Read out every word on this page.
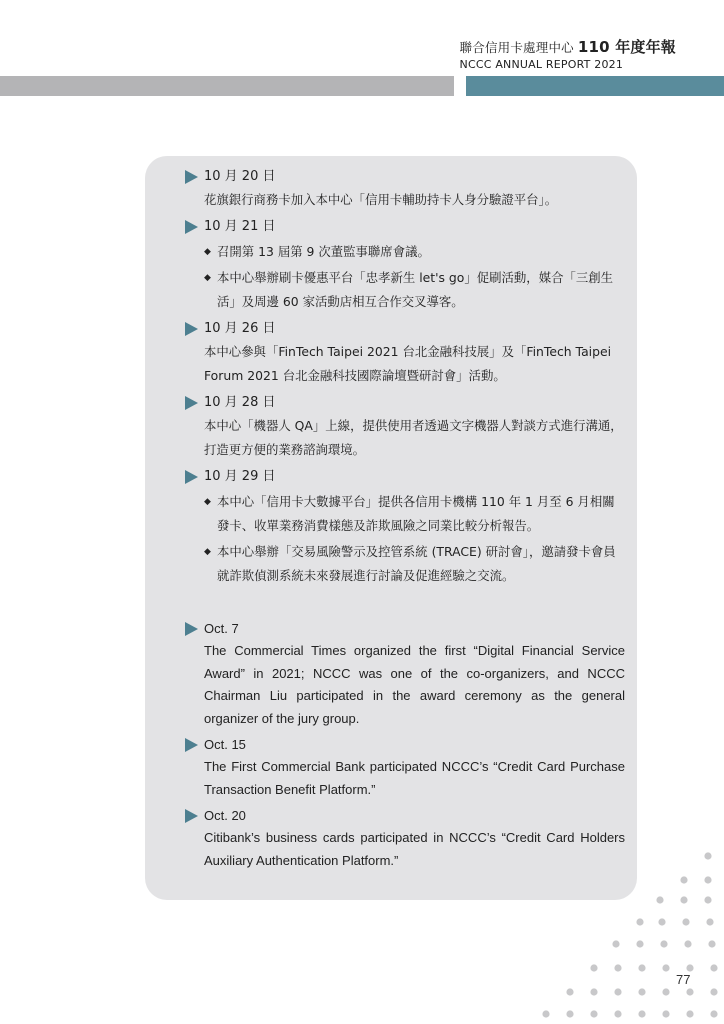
聯合信用卡處理中心 110 年度年報
NCCC ANNUAL REPORT 2021
10 月 20 日
花旗銀行商務卡加入本中心「信用卡輔助持卡人身分驗證平台」。
10 月 21 日
◆ 召開第 13 屆第 9 次董監事聯席會議。
◆ 本中心舉辦刷卡優惠平台「忠孝新生 let's go」促刷活動，媒合「三創生活」及周邊 60 家活動店相互合作交叉導客。
10 月 26 日
本中心參與「FinTech Taipei 2021 台北金融科技展」及「FinTech Taipei Forum 2021 台北金融科技國際論壇暨研討會」活動。
10 月 28 日
本中心「機器人 QA」上線，提供使用者透過文字機器人對談方式進行溝通，打造更方便的業務諮詢環境。
10 月 29 日
◆ 本中心「信用卡大數據平台」提供各信用卡機構 110 年 1 月至 6 月相關發卡、收單業務消費樣態及詐欺風險之同業比較分析報告。
◆ 本中心舉辦「交易風險警示及控管系統 (TRACE) 研討會」，邀請發卡會員就詐欺偵測系統未來發展進行討論及促進經驗之交流。
Oct. 7
The Commercial Times organized the first “Digital Financial Service Award” in 2021; NCCC was one of the co-organizers, and NCCC Chairman Liu participated in the award ceremony as the general organizer of the jury group.
Oct. 15
The First Commercial Bank participated NCCC’s “Credit Card Purchase Transaction Benefit Platform.”
Oct. 20
Citibank’s business cards participated in NCCC’s “Credit Card Holders Auxiliary Authentication Platform.”
77
